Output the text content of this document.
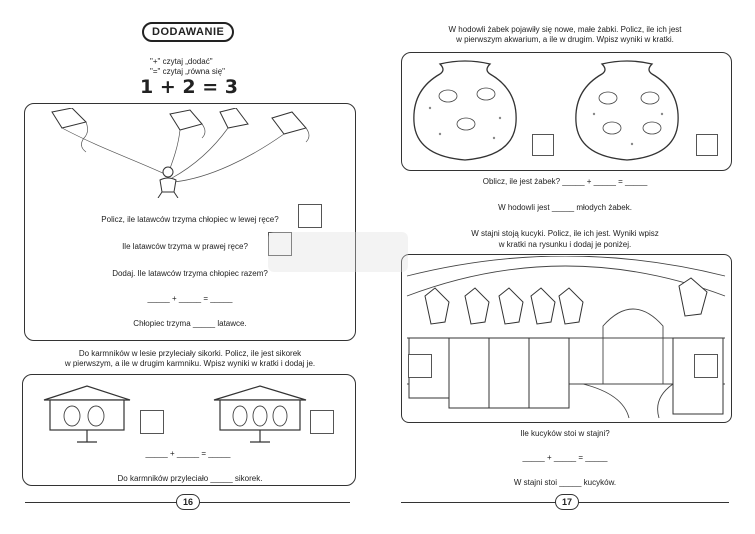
DODAWANIE
"+" czytaj „dodać"
"=" czytaj „równa się"
1 + 2 = 3
Policz, ile latawców trzyma chłopiec w lewej ręce?
Ile latawców trzyma w prawej ręce?
Dodaj. Ile latawców trzyma chłopiec razem?
_____ + _____ = _____
Chłopiec trzyma _____ latawce.
Do karmników w lesie przyleciały sikorki. Policz, ile jest sikorek
w pierwszym, a ile w drugim karmniku. Wpisz wyniki w kratki i dodaj je.
_____ + _____ = _____
Do karmników przyleciało _____ sikorek.
16
W hodowli żabek pojawiły się nowe, małe żabki. Policz, ile ich jest
w pierwszym akwarium, a ile w drugim. Wpisz wyniki w kratki.
Oblicz, ile jest żabek? _____ + _____ = _____
W hodowli jest _____ młodych żabek.
W stajni stoją kucyki. Policz, ile ich jest. Wyniki wpisz
w kratki na rysunku i dodaj je poniżej.
Ile kucyków stoi w stajni?
_____ + _____ = _____
W stajni stoi _____ kucyków.
17
